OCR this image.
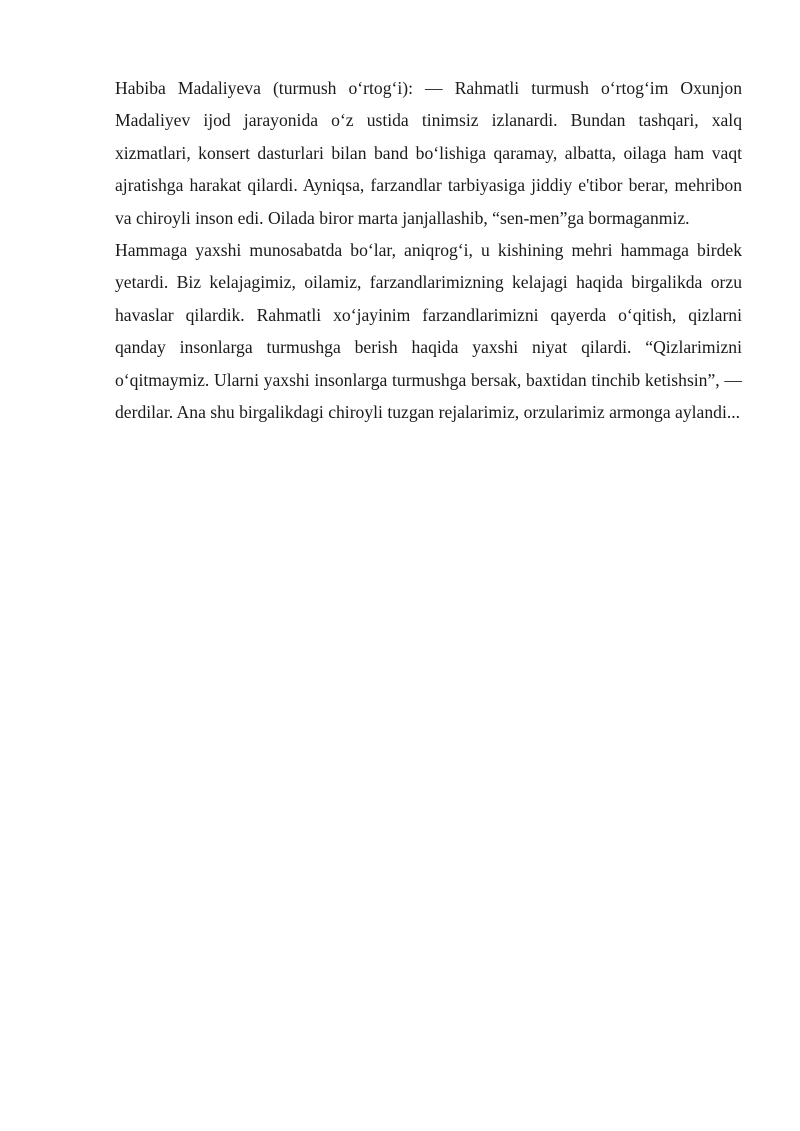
Habiba Madaliyeva (turmush o‘rtog‘i): — Rahmatli turmush o‘rtog‘im Oxunjon Madaliyev ijod jarayonida o‘z ustida tinimsiz izlanardi. Bundan tashqari, xalq xizmatlari, konsert dasturlari bilan band bo‘lishiga qaramay, albatta, oilaga ham vaqt ajratishga harakat qilardi. Ayniqsa, farzandlar tarbiyasiga jiddiy e'tibor berar, mehribon va chiroyli inson edi. Oilada biror marta janjallashib, “sen-men”ga bormaganmiz.

Hammaga yaxshi munosabatda bo‘lar, aniqrog‘i, u kishining mehri hammaga birdek yetardi. Biz kelajagimiz, oilamiz, farzandlarimizning kelajagi haqida birgalikda orzu havaslar qilardik. Rahmatli xo‘jayinim farzandlarimizni qayerda o‘qitish, qizlarni qanday insonlarga turmushga berish haqida yaxshi niyat qilardi. “Qizlarimizni o‘qitmaymiz. Ularni yaxshi insonlarga turmushga bersak, baxtidan tinchib ketishsin”, — derdilar. Ana shu birgalikdagi chiroyli tuzgan rejalarimiz, orzularimiz armonga aylandi...
